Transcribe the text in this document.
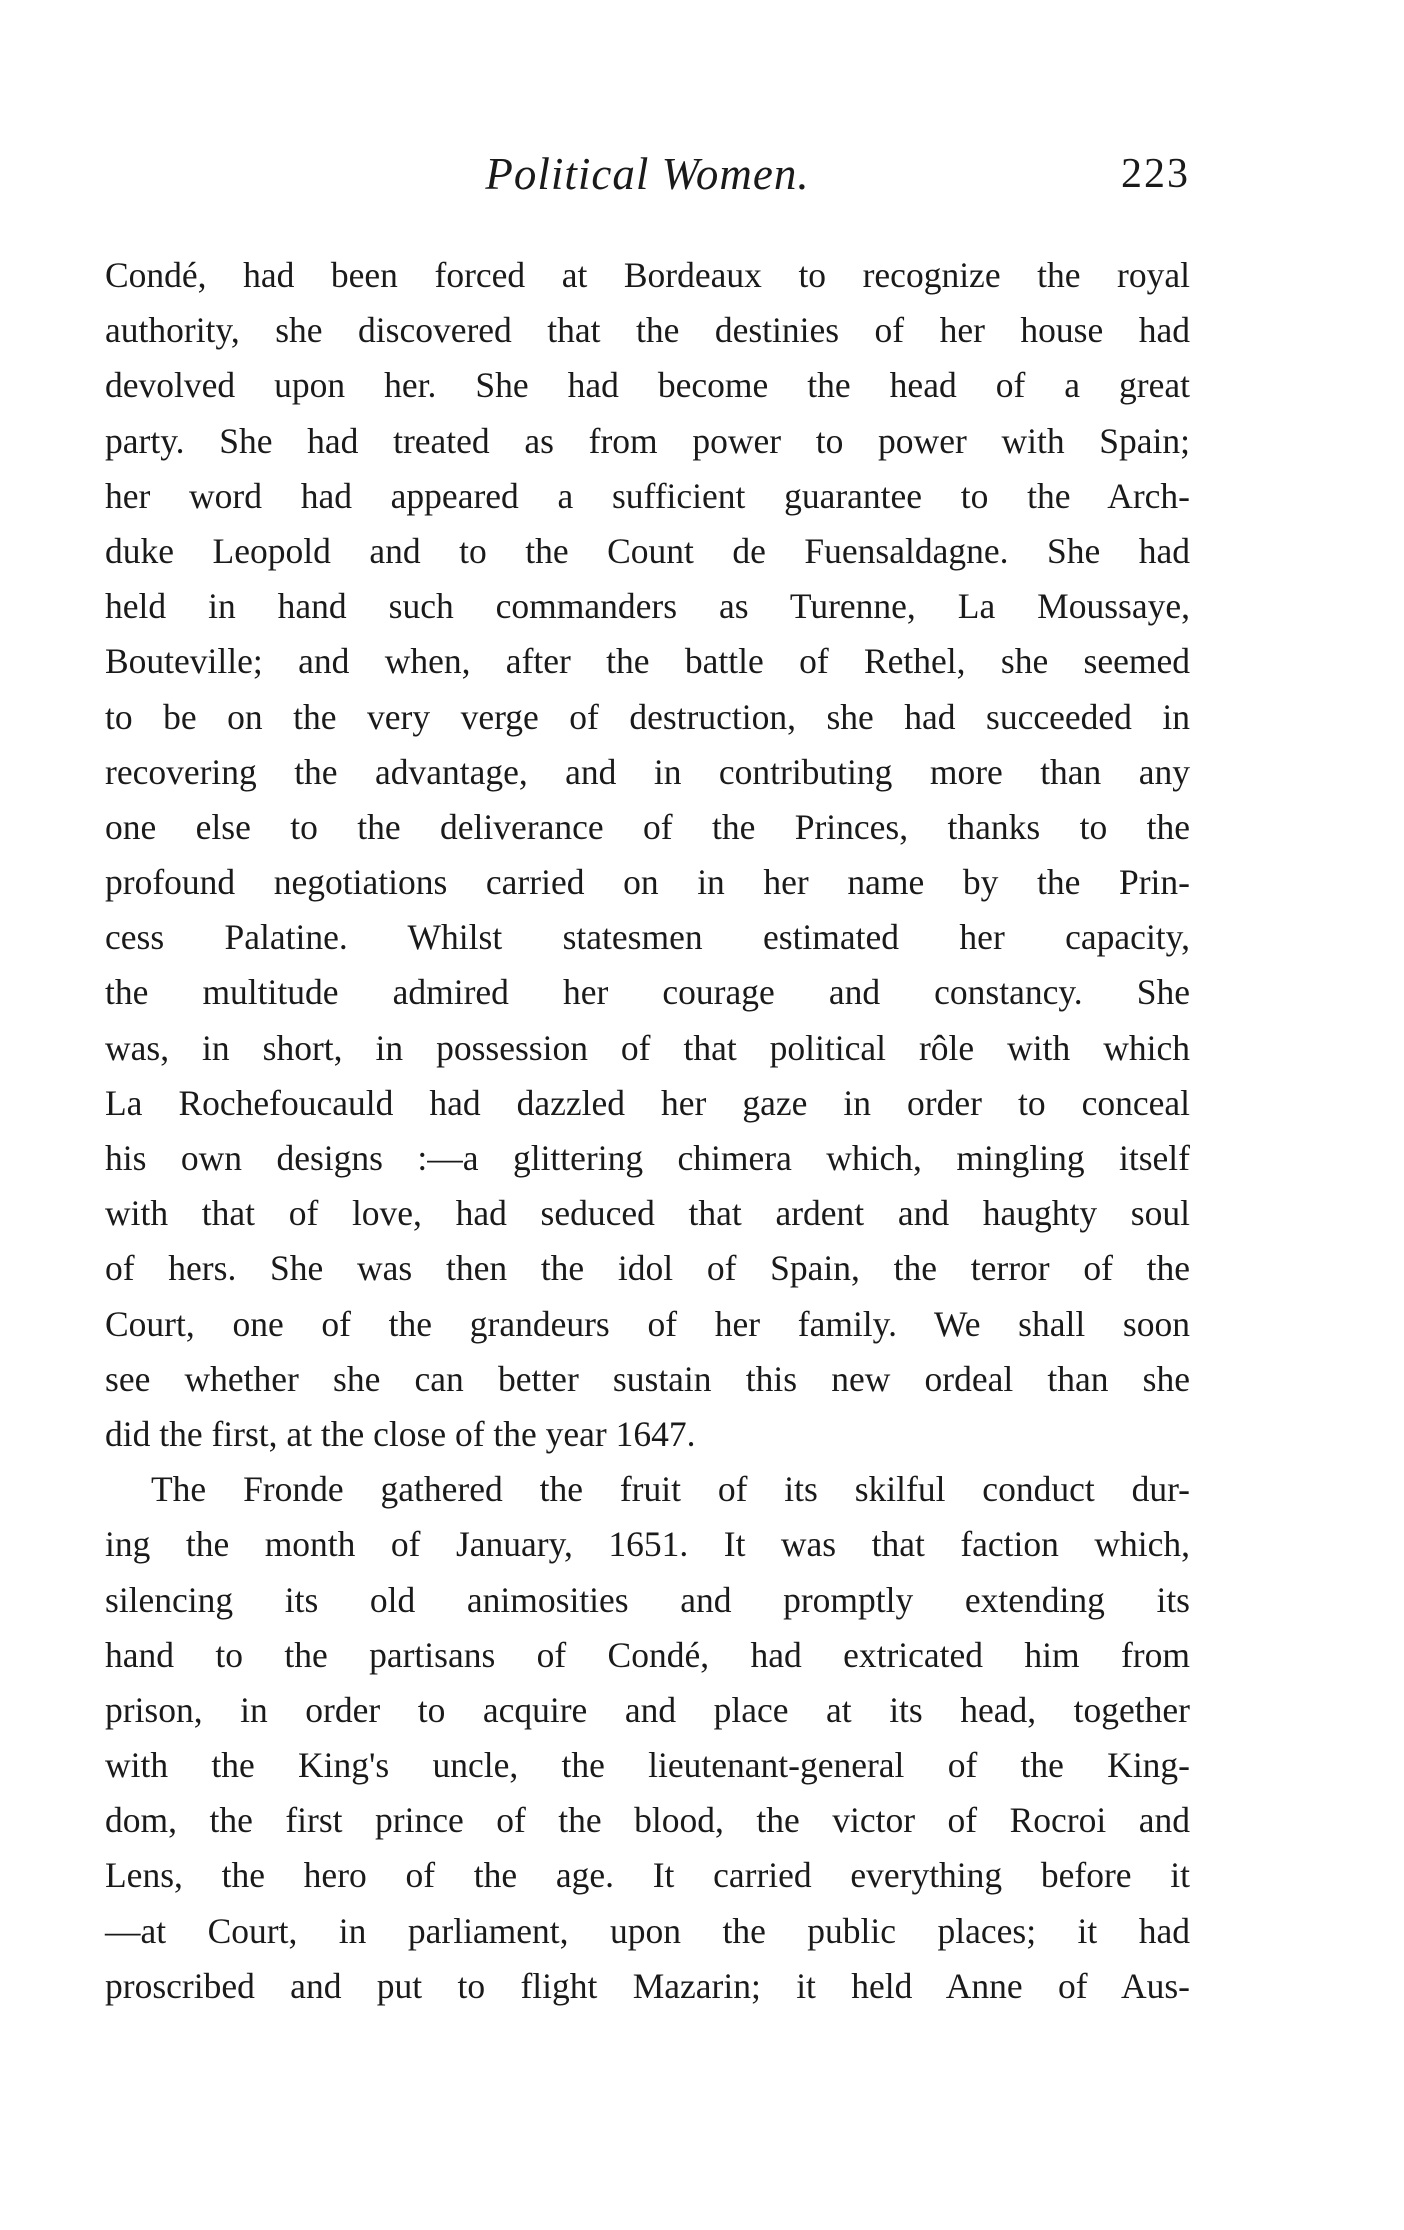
Political Women.	223
Condé, had been forced at Bordeaux to recognize the royal
authority, she discovered that the destinies of her house had
devolved upon her. She had become the head of a great
party. She had treated as from power to power with Spain;
her word had appeared a sufficient guarantee to the Arch-
duke Leopold and to the Count de Fuensaldagne. She had
held in hand such commanders as Turenne, La Moussaye,
Bouteville; and when, after the battle of Rethel, she seemed
to be on the very verge of destruction, she had succeeded in
recovering the advantage, and in contributing more than any
one else to the deliverance of the Princes, thanks to the
profound negotiations carried on in her name by the Prin-
cess Palatine. Whilst statesmen estimated her capacity,
the multitude admired her courage and constancy. She
was, in short, in possession of that political rôle with which
La Rochefoucauld had dazzled her gaze in order to conceal
his own designs :—a glittering chimera which, mingling itself
with that of love, had seduced that ardent and haughty soul
of hers. She was then the idol of Spain, the terror of the
Court, one of the grandeurs of her family. We shall soon
see whether she can better sustain this new ordeal than she
did the first, at the close of the year 1647.
The Fronde gathered the fruit of its skilful conduct dur-
ing the month of January, 1651. It was that faction which,
silencing its old animosities and promptly extending its
hand to the partisans of Condé, had extricated him from
prison, in order to acquire and place at its head, together
with the King's uncle, the lieutenant-general of the King-
dom, the first prince of the blood, the victor of Rocroi and
Lens, the hero of the age. It carried everything before it
—at Court, in parliament, upon the public places; it had
proscribed and put to flight Mazarin; it held Anne of Aus-
